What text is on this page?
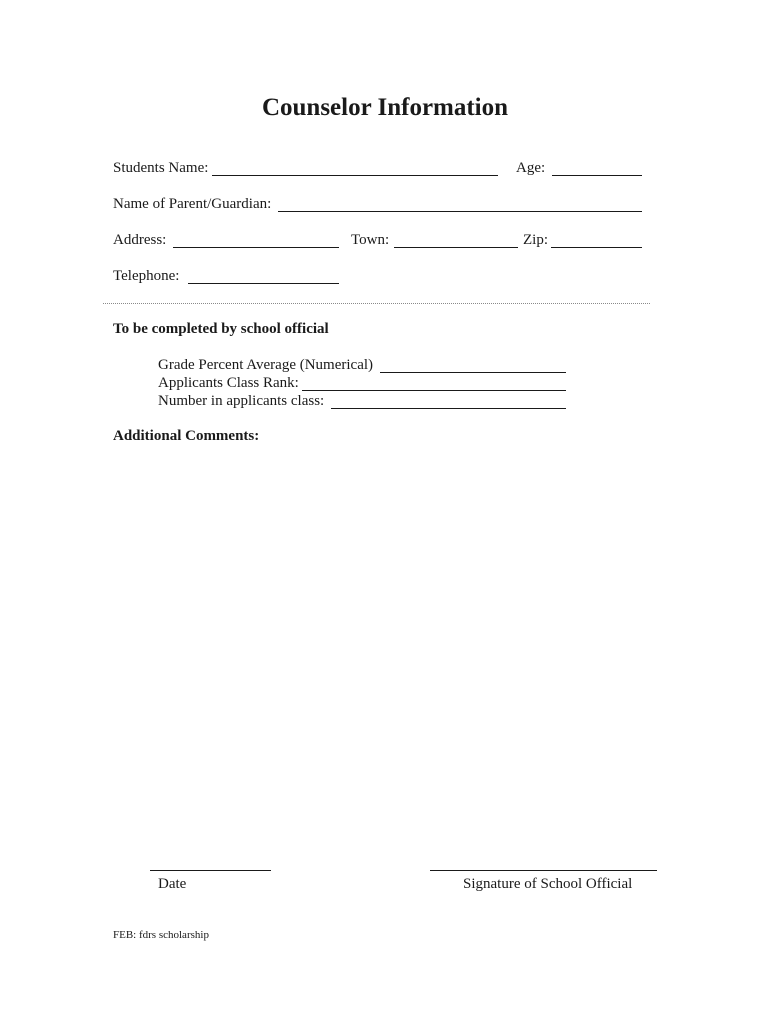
Counselor Information
Students Name:	Age:
Name of Parent/Guardian:
Address:	Town:	Zip:
Telephone:
To be completed by school official
Grade Percent Average (Numerical)
Applicants Class Rank:
Number in applicants class:
Additional Comments:
Date	Signature of School Official
FEB: fdrs scholarship
